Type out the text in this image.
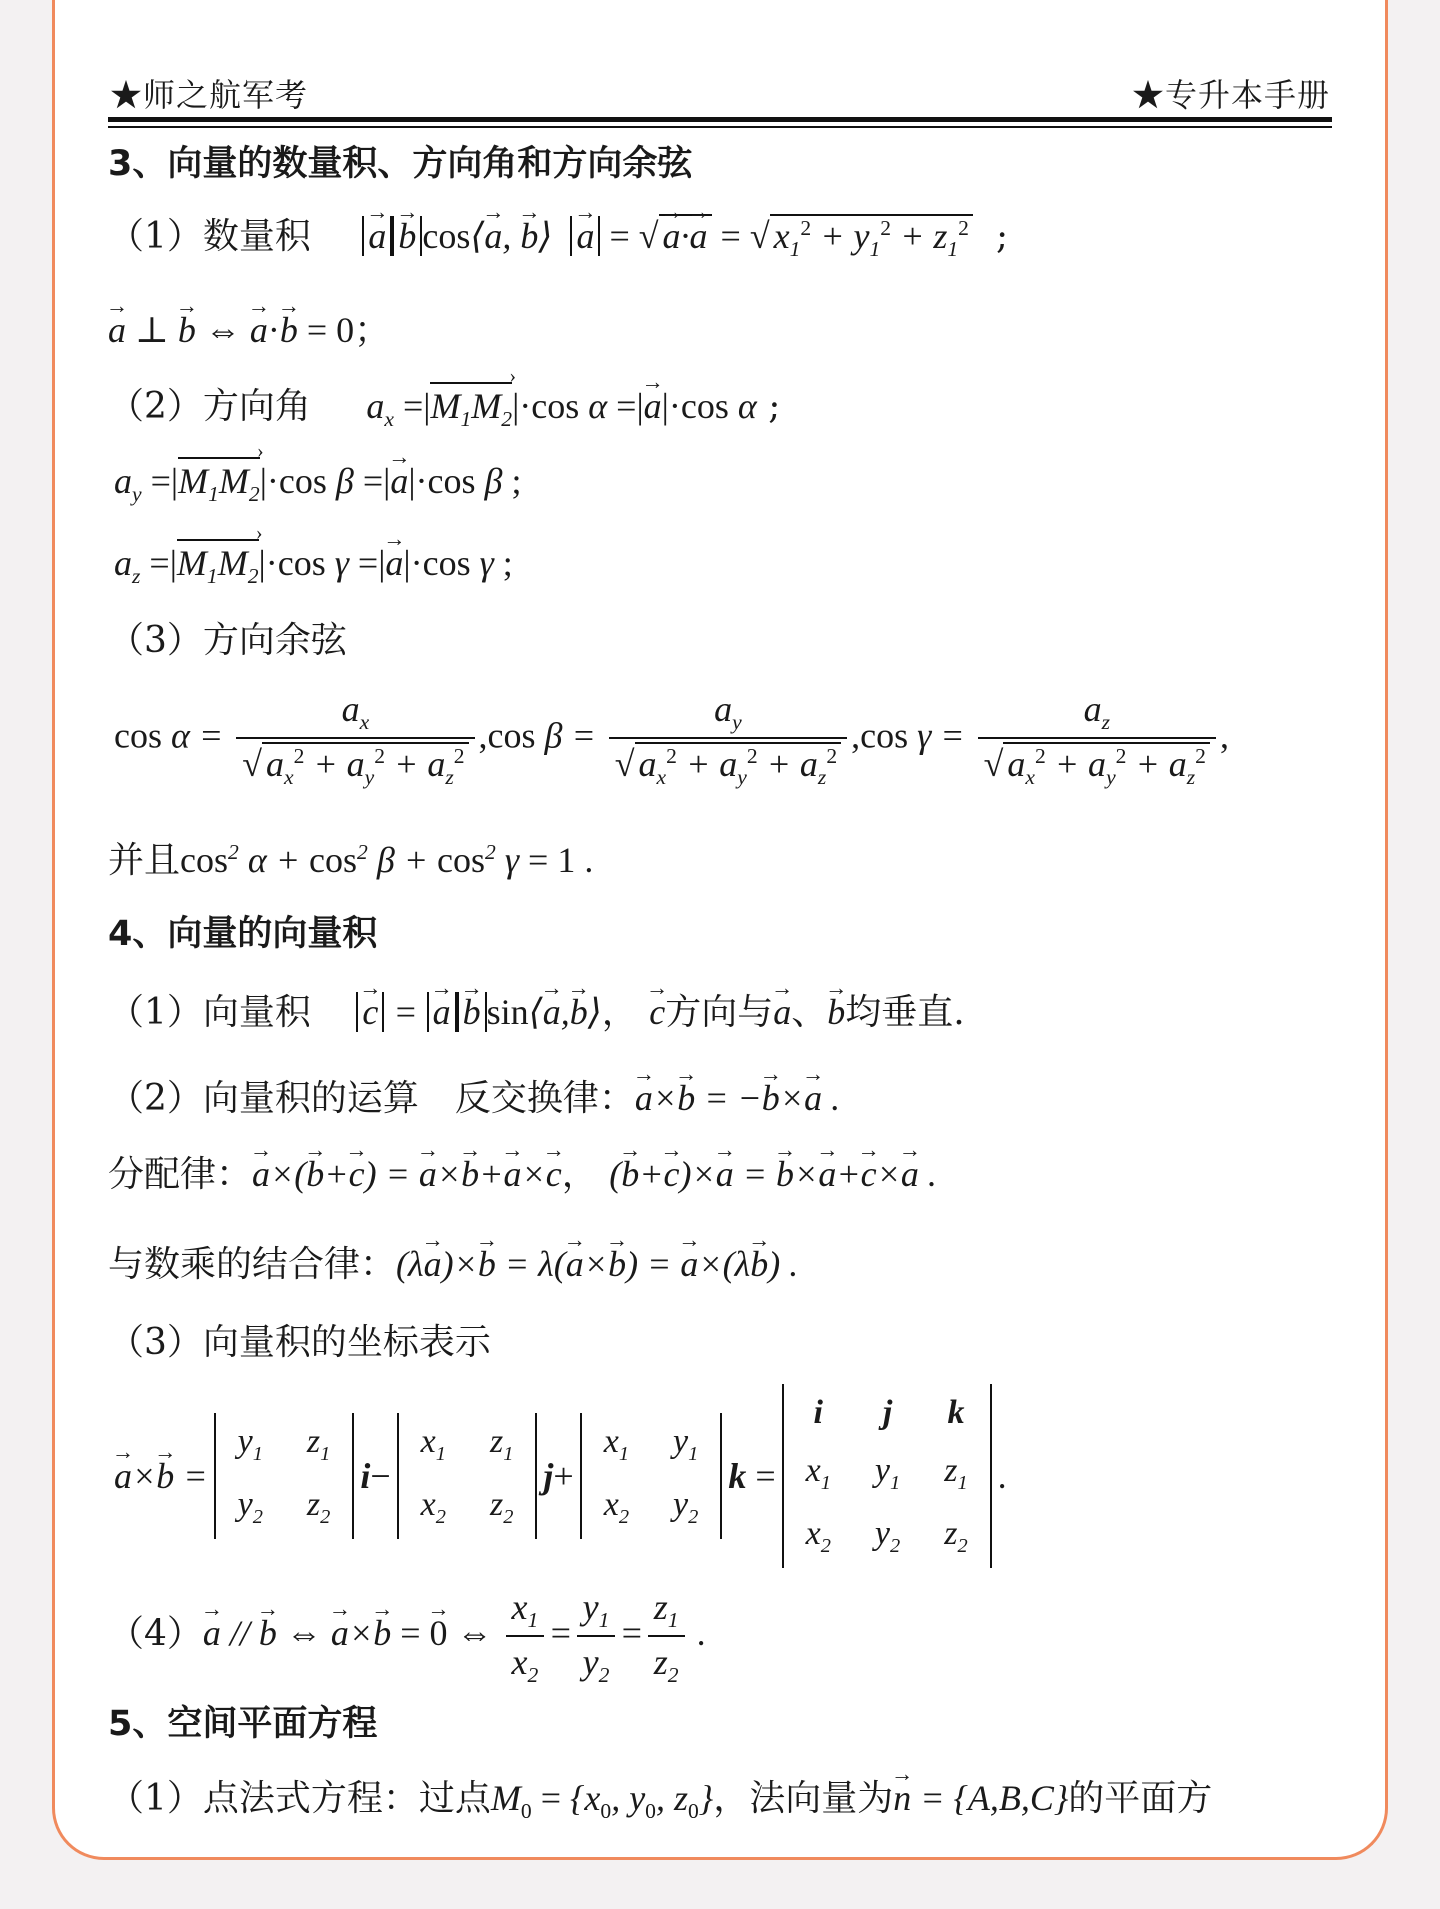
★师之航军考	★专升本手册
3、向量的数量积、方向角和方向余弦
（1）数量积 → a → b cos⟨→ a, → b⟩  → a = √ → a·→ a = √ $x_1^2 + y_1^2 + z_1^2$ ;
→ a ⊥ → b ⇔ → a·→ b = 0；
（2）方向角 $a_x =|M_1M_2$ ›|·cos α =|→ a|·cos α ;
$a_y =|M_1M_2$ ›|·cos β =|→ a|·cos β ;
$a_z =|M_1M_2$ ›|·cos γ =|→ a|·cos γ ;
（3）方向余弦
$\cos \alpha = \frac{a_x}{√ a_x^2 + a_y^2 + a_z^2} ,\cos$ $\beta = \frac{a_y}{√ a_x^2 + a_y^2 + a_z^2} ,\cos$ $\gamma = \frac{a_z}{√ a_x^2 + a_y^2 + a_z^2}$ ,
并且$\cos^2 \alpha + \cos^2 \beta + \cos^2 \gamma = 1$ .
4、向量的向量积
（1）向量积 → c = → a → b sin⟨→ a,→ b⟩， → c方向与→ a、→ b均垂直.
（2）向量积的运算　反交换律：→ a×→ b = −→ b×→ a .
分配律：→ a×(→ b+→ c) = → a×→ b+→ a×→ c， (→ b+→ c)×→ a = → b×→ a+→ c×→ a .
与数乘的结合律：(λ→ a)×→ b = λ(→ a×→ b) = → a×(λ→ b) .
（3）向量积的坐标表示
→ a×→ b =
$y_1$	$z_1$
$y_2$	$z_2$
i −
$x_1$	$z_1$
$x_2$	$z_2$
j +
$x_1$	$y_1$
$x_2$	$y_2$
k
=
i	j	k
$x_1$	$y_1$	$z_1$
$x_2$	$y_2$	$z_2$
.
（4）→ a // → b ⇔ → a×→ b = → 0 ⇔ $\frac{x_1}{x_2} = \frac{y_1}{y_2} = \frac{z_1}{z_2}$ .
5、空间平面方程
（1）点法式方程：过点$M_0 = \{x_0$, $y_0$, $z_0$}，法向量为→ n = {A,B,C}的平面方
